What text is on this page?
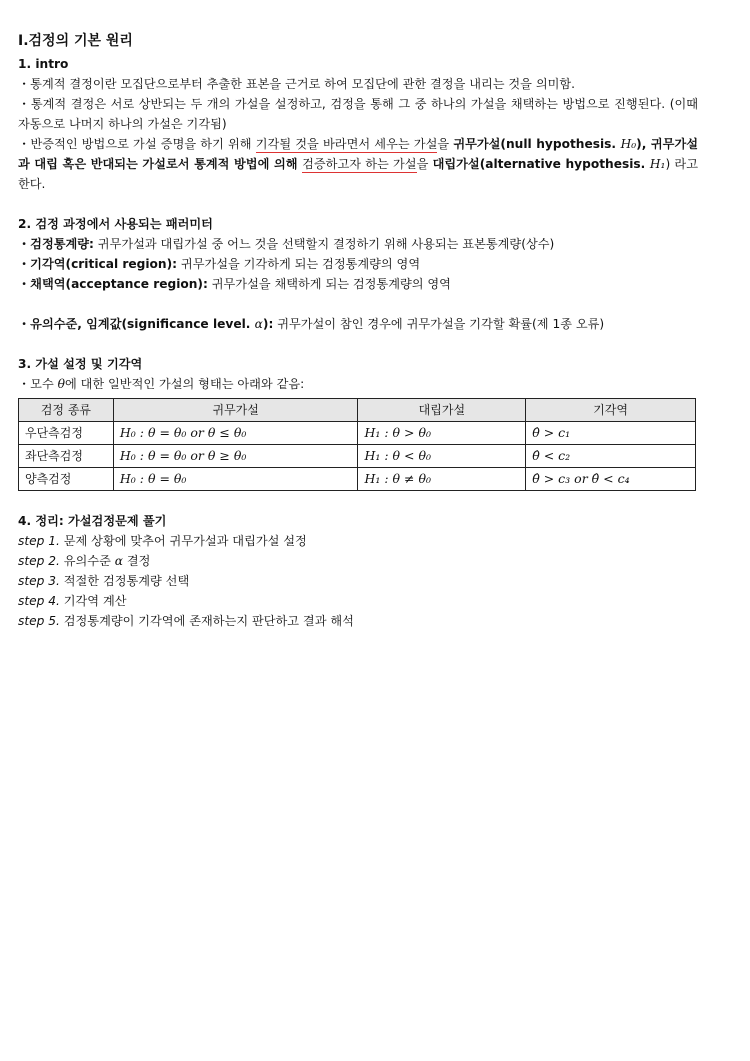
Ⅰ.검정의 기본 원리
1. intro

・통계적 결정이란 모집단으로부터 추출한 표본을 근거로 하여 모집단에 관한 결정을 내리는 것을 의미함.

・통계적 결정은 서로 상반되는 두 개의 가설을 설정하고, 검정을 통해 그 중 하나의 가설을 채택하는 방법으로 진행된다. (이때 자동으로 나머지 하나의 가설은 기각됨)

・반증적인 방법으로 가설 증명을 하기 위해 기각될 것을 바라면서 세우는 가설을 귀무가설(null hypothesis. H₀), 귀무가설과 대립 혹은 반대되는 가설로서 통계적 방법에 의해 검증하고자 하는 가설을 대립가설(alternative hypothesis. H₁) 라고 한다.

2. 검정 과정에서 사용되는 패러미터

・검정통계량: 귀무가설과 대립가설 중 어느 것을 선택할지 결정하기 위해 사용되는 표본통계량(상수)

・기각역(critical region): 귀무가설을 기각하게 되는 검정통계량의 영역

・채택역(acceptance region): 귀무가설을 채택하게 되는 검정통계량의 영역

・유의수준, 임계값(significance level. α): 귀무가설이 참인 경우에 귀무가설을 기각할 확률(제 1종 오류)

3. 가설 설정 및 기각역

・모수 θ에 대한 일반적인 가설의 형태는 아래와 같음:

검정 종류	귀무가설	대립가설	기각역
우단측검정	H₀ : θ = θ₀ or θ ≤ θ₀	H₁ : θ > θ₀	θ̂ > c₁
좌단측검정	H₀ : θ = θ₀ or θ ≥ θ₀	H₁ : θ < θ₀	θ̂ < c₂
양측검정	H₀ : θ = θ₀	H₁ : θ ≠ θ₀	θ̂ > c₃ or θ̂ < c₄
4. 정리: 가설검정문제 풀기

step 1. 문제 상황에 맞추어 귀무가설과 대립가설 설정

step 2. 유의수준 α 결정

step 3. 적절한 검정통계량 선택

step 4. 기각역 계산

step 5. 검정통계량이 기각역에 존재하는지 판단하고 결과 해석
